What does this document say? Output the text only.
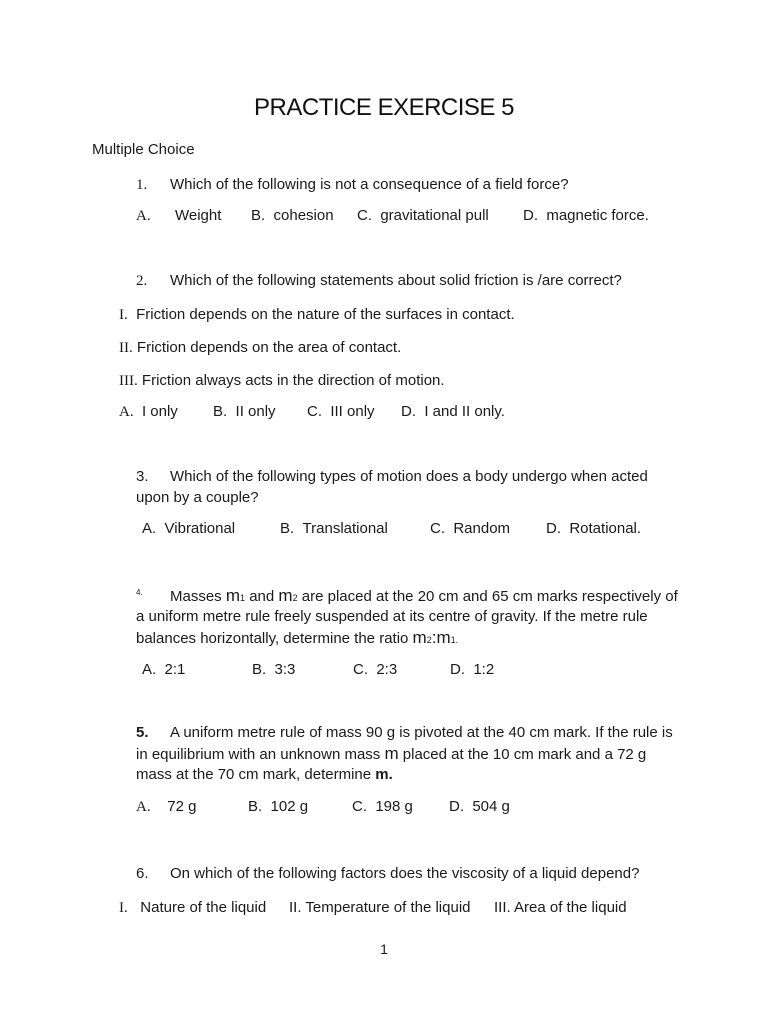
PRACTICE EXERCISE 5
Multiple Choice
1. Which of the following is not a consequence of a field force?
A. Weight B. cohesion C. gravitational pull D. magnetic force.
2. Which of the following statements about solid friction is /are correct?
I. Friction depends on the nature of the surfaces in contact.
II. Friction depends on the area of contact.
III. Friction always acts in the direction of motion.
A. I only B. II only C. III only D. I and II only.
3. Which of the following types of motion does a body undergo when acted
upon by a couple?
A. Vibrational	B. Translational	C. Random D. Rotational.
4. Masses m1 and m2 are placed at the 20 cm and 65 cm marks respectively of
a uniform metre rule freely suspended at its centre of gravity. If the metre rule
balances horizontally, determine the ratio m2:m1.
A. 2:1	B. 3:3	C. 2:3	D. 1:2
5. A uniform metre rule of mass 90 g is pivoted at the 40 cm mark. If the rule is
in equilibrium with an unknown mass m placed at the 10 cm mark and a 72 g
mass at the 70 cm mark, determine m.
A. 72 g	B. 102 g	C. 198 g D. 504 g
6. On which of the following factors does the viscosity of a liquid depend?
I. Nature of the liquid II. Temperature of the liquid III. Area of the liquid
1
